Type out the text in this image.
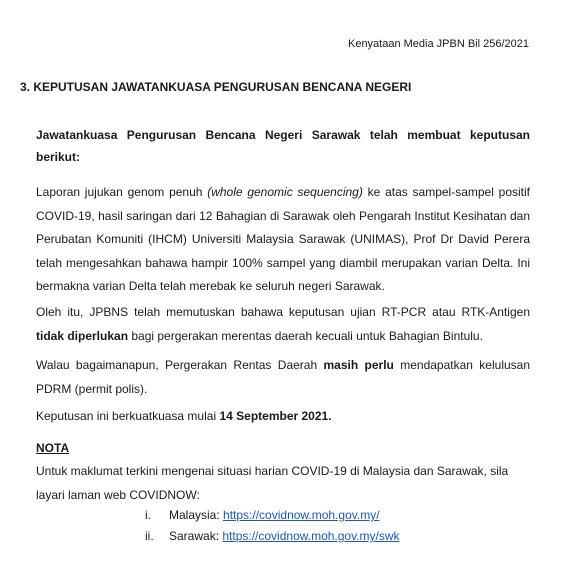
Kenyataan Media JPBN Bil 256/2021
3. KEPUTUSAN JAWATANKUASA PENGURUSAN BENCANA NEGERI
Jawatankuasa Pengurusan Bencana Negeri Sarawak telah membuat keputusan berikut:
Laporan jujukan genom penuh (whole genomic sequencing) ke atas sampel-sampel positif COVID-19, hasil saringan dari 12 Bahagian di Sarawak oleh Pengarah Institut Kesihatan dan Perubatan Komuniti (IHCM) Universiti Malaysia Sarawak (UNIMAS), Prof Dr David Perera telah mengesahkan bahawa hampir 100% sampel yang diambil merupakan varian Delta. Ini bermakna varian Delta telah merebak ke seluruh negeri Sarawak.
Oleh itu, JPBNS telah memutuskan bahawa keputusan ujian RT-PCR atau RTK-Antigen tidak diperlukan bagi pergerakan merentas daerah kecuali untuk Bahagian Bintulu.
Walau bagaimanapun, Pergerakan Rentas Daerah masih perlu mendapatkan kelulusan PDRM (permit polis).
Keputusan ini berkuatkuasa mulai 14 September 2021.
NOTA
Untuk maklumat terkini mengenai situasi harian COVID-19 di Malaysia dan Sarawak, sila layari laman web COVIDNOW:
i. Malaysia: https://covidnow.moh.gov.my/
ii. Sarawak: https://covidnow.moh.gov.my/swk
